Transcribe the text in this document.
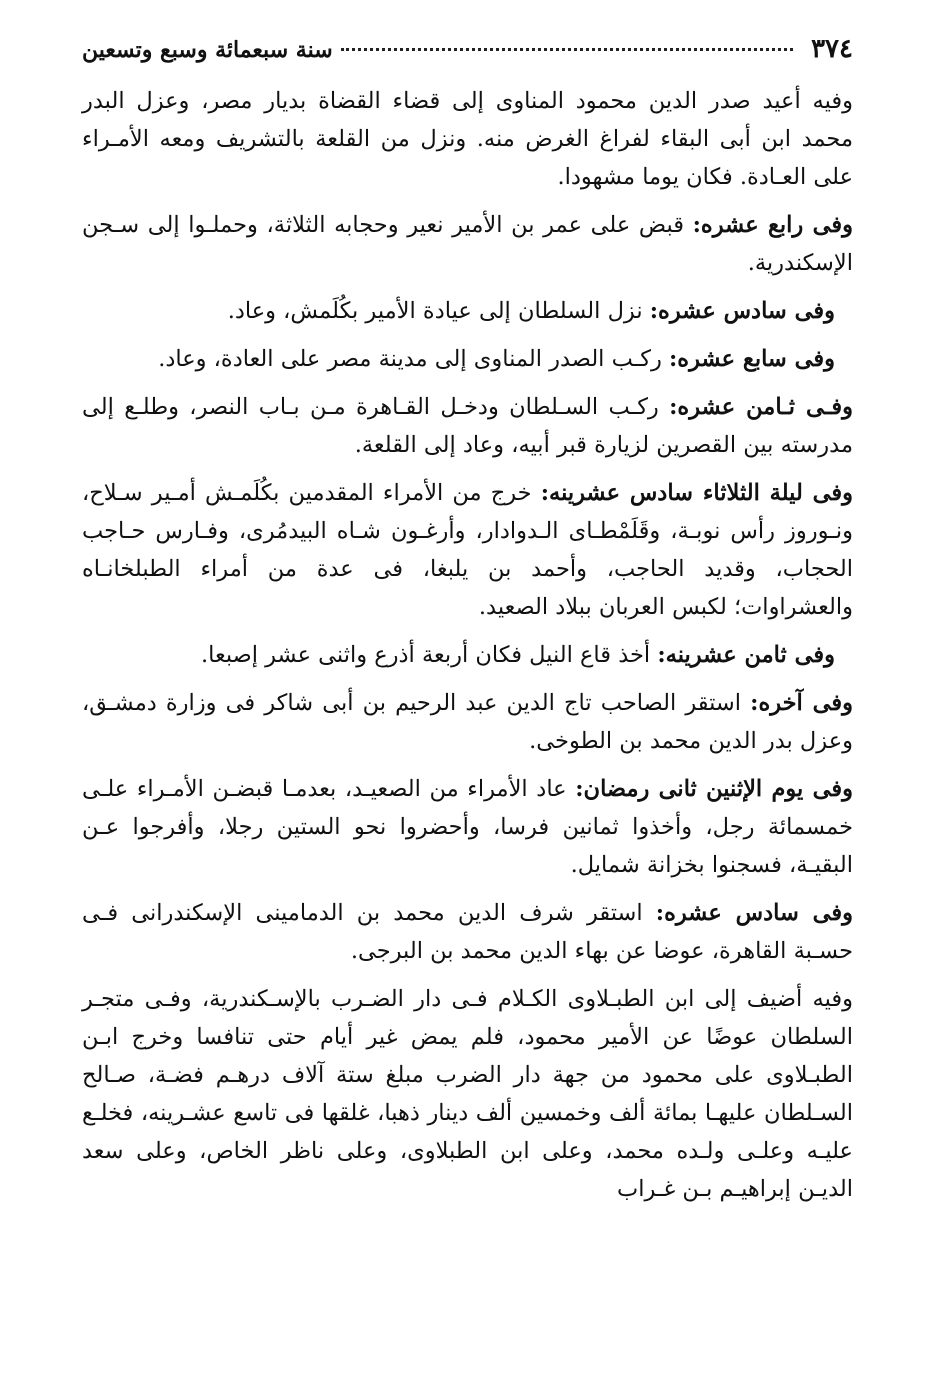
٣٧٤
سنة سبعمائة وسبع وتسعين

وفيه أعيد صدر الدين محمود المناوى إلى قضاء القضاة بديار مصر، وعزل البدر محمد ابن أبى البقاء لفراغ الغرض منه. ونزل من القلعة بالتشريف ومعه الأمـراء على العـادة. فكان يوما مشهودا.

وفى رابع عشره: قبض على عمر بن الأمير نعير وحجابه الثلاثة، وحملـوا إلى سـجن الإسكندرية.

وفى سادس عشره: نزل السلطان إلى عيادة الأمير بكُلَمش، وعاد.

وفى سابع عشره: ركـب الصدر المناوى إلى مدينة مصر على العادة، وعاد.

وفـى ثـامن عشره: ركـب السـلطان ودخـل القـاهرة مـن بـاب النصر، وطلـع إلى مدرسته بين القصرين لزيارة قبر أبيه، وعاد إلى القلعة.

وفى ليلة الثلاثاء سادس عشرينه: خرج من الأمراء المقدمين بكُلَمـش أمـير سـلاح، ونـوروز رأس نوبـة، وقَلَمْطـاى الـدوادار، وأرغـون شـاه البيدمُرى، وفـارس حـاجب الحجاب، وقديد الحاجب، وأحمد بن يلبغا، فى عدة من أمراء الطبلخانـاه والعشراوات؛ لكبس العربان ببلاد الصعيد.

وفى ثامن عشرينه: أخذ قاع النيل فكان أربعة أذرع واثنى عشر إصبعا.

وفى آخره: استقر الصاحب تاج الدين عبد الرحيم بن أبى شاكر فى وزارة دمشـق، وعزل بدر الدين محمد بن الطوخى.

وفى يوم الإثنين ثانى رمضان: عاد الأمراء من الصعيـد، بعدمـا قبضـن الأمـراء علـى خمسمائة رجل، وأخذوا ثمانين فرسا، وأحضروا نحو الستين رجلا، وأفرجوا عـن البقيـة، فسجنوا بخزانة شمايل.

وفى سادس عشره: استقر شرف الدين محمد بن الدمامينى الإسكندرانى فـى حسـبة القاهرة، عوضا عن بهاء الدين محمد بن البرجى.

وفيه أضيف إلى ابن الطبـلاوى الكـلام فـى دار الضـرب بالإسـكندرية، وفـى متجـر السلطان عوضًا عن الأمير محمود، فلم يمض غير أيام حتى تنافسا وخرج ابـن الطبـلاوى على محمود من جهة دار الضرب مبلغ ستة آلاف درهـم فضـة، صـالح السـلطان عليهـا بمائة ألف وخمسين ألف دينار ذهبا، غلقها فى تاسع عشـرينه، فخلـع عليـه وعلـى ولـده محمد، وعلى ابن الطبلاوى، وعلى ناظر الخاص، وعلى سعد الديـن إبراهيـم بـن غـراب
